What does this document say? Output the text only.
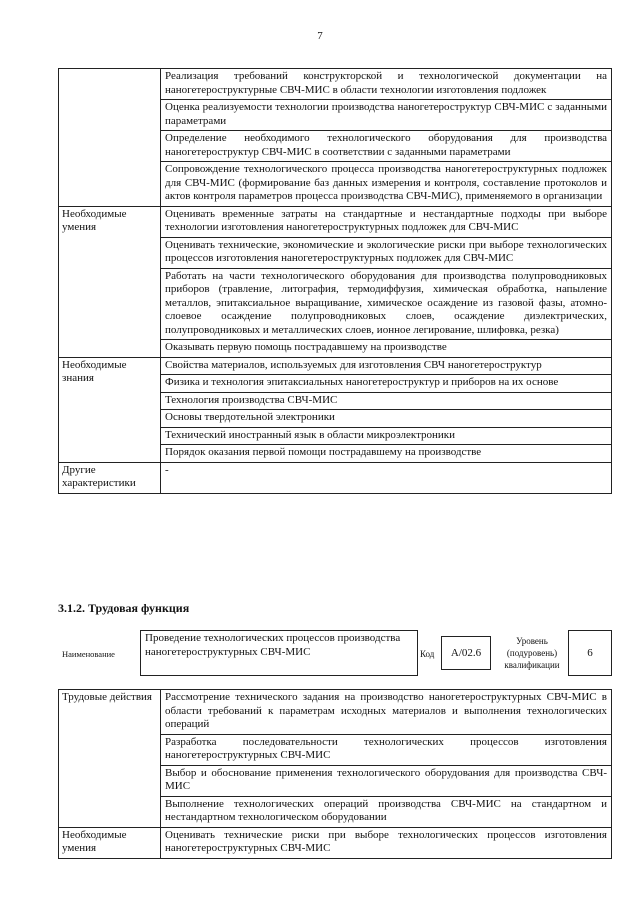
7
	Реализация требований конструкторской и технологической документации на наногетероструктурные СВЧ-МИС в области технологии изготовления подложек
	Оценка реализуемости технологии производства наногетероструктур СВЧ-МИС с заданными параметрами
	Определение необходимого технологического оборудования для производства наногетероструктур СВЧ-МИС в соответствии с заданными параметрами
	Сопровождение технологического процесса производства наногетероструктурных подложек для СВЧ-МИС (формирование баз данных измерения и контроля, составление протоколов и актов контроля параметров процесса производства СВЧ-МИС), применяемого в организации
Необходимые умения	Оценивать временные затраты на стандартные и нестандартные подходы при выборе технологии изготовления наногетероструктурных подложек для СВЧ-МИС
	Оценивать технические, экономические и экологические риски при выборе технологических процессов изготовления наногетероструктурных подложек для СВЧ-МИС
	Работать на части технологического оборудования для производства полупроводниковых приборов (травление, литография, термодиффузия, химическая обработка, напыление металлов, эпитаксиальное выращивание, химическое осаждение из газовой фазы, атомно-слоевое осаждение полупроводниковых слоев, осаждение диэлектрических, полупроводниковых и металлических слоев, ионное легирование, шлифовка, резка)
	Оказывать первую помощь пострадавшему на производстве
Необходимые знания	Свойства материалов, используемых для изготовления СВЧ наногетероструктур
	Физика и технология эпитаксиальных наногетероструктур и приборов на их основе
	Технология производства СВЧ-МИС
	Основы твердотельной электроники
	Технический иностранный язык в области микроэлектроники
	Порядок оказания первой помощи пострадавшему на производстве
Другие характеристики	-
3.1.2. Трудовая функция
Наименование
Проведение технологических процессов производства наногетероструктурных СВЧ-МИС	Код	А/02.6
Уровень (подуровень) квалификации
6
Трудовые действия	Рассмотрение технического задания на производство наногетероструктурных СВЧ-МИС в области требований к параметрам исходных материалов и выполнения технологических операций
	Разработка последовательности технологических процессов изготовления наногетероструктурных СВЧ-МИС
	Выбор и обоснование применения технологического оборудования для производства СВЧ-МИС
	Выполнение технологических операций производства СВЧ-МИС на стандартном и нестандартном технологическом оборудовании
Необходимые умения	Оценивать технические риски при выборе технологических процессов изготовления наногетероструктурных СВЧ-МИС
